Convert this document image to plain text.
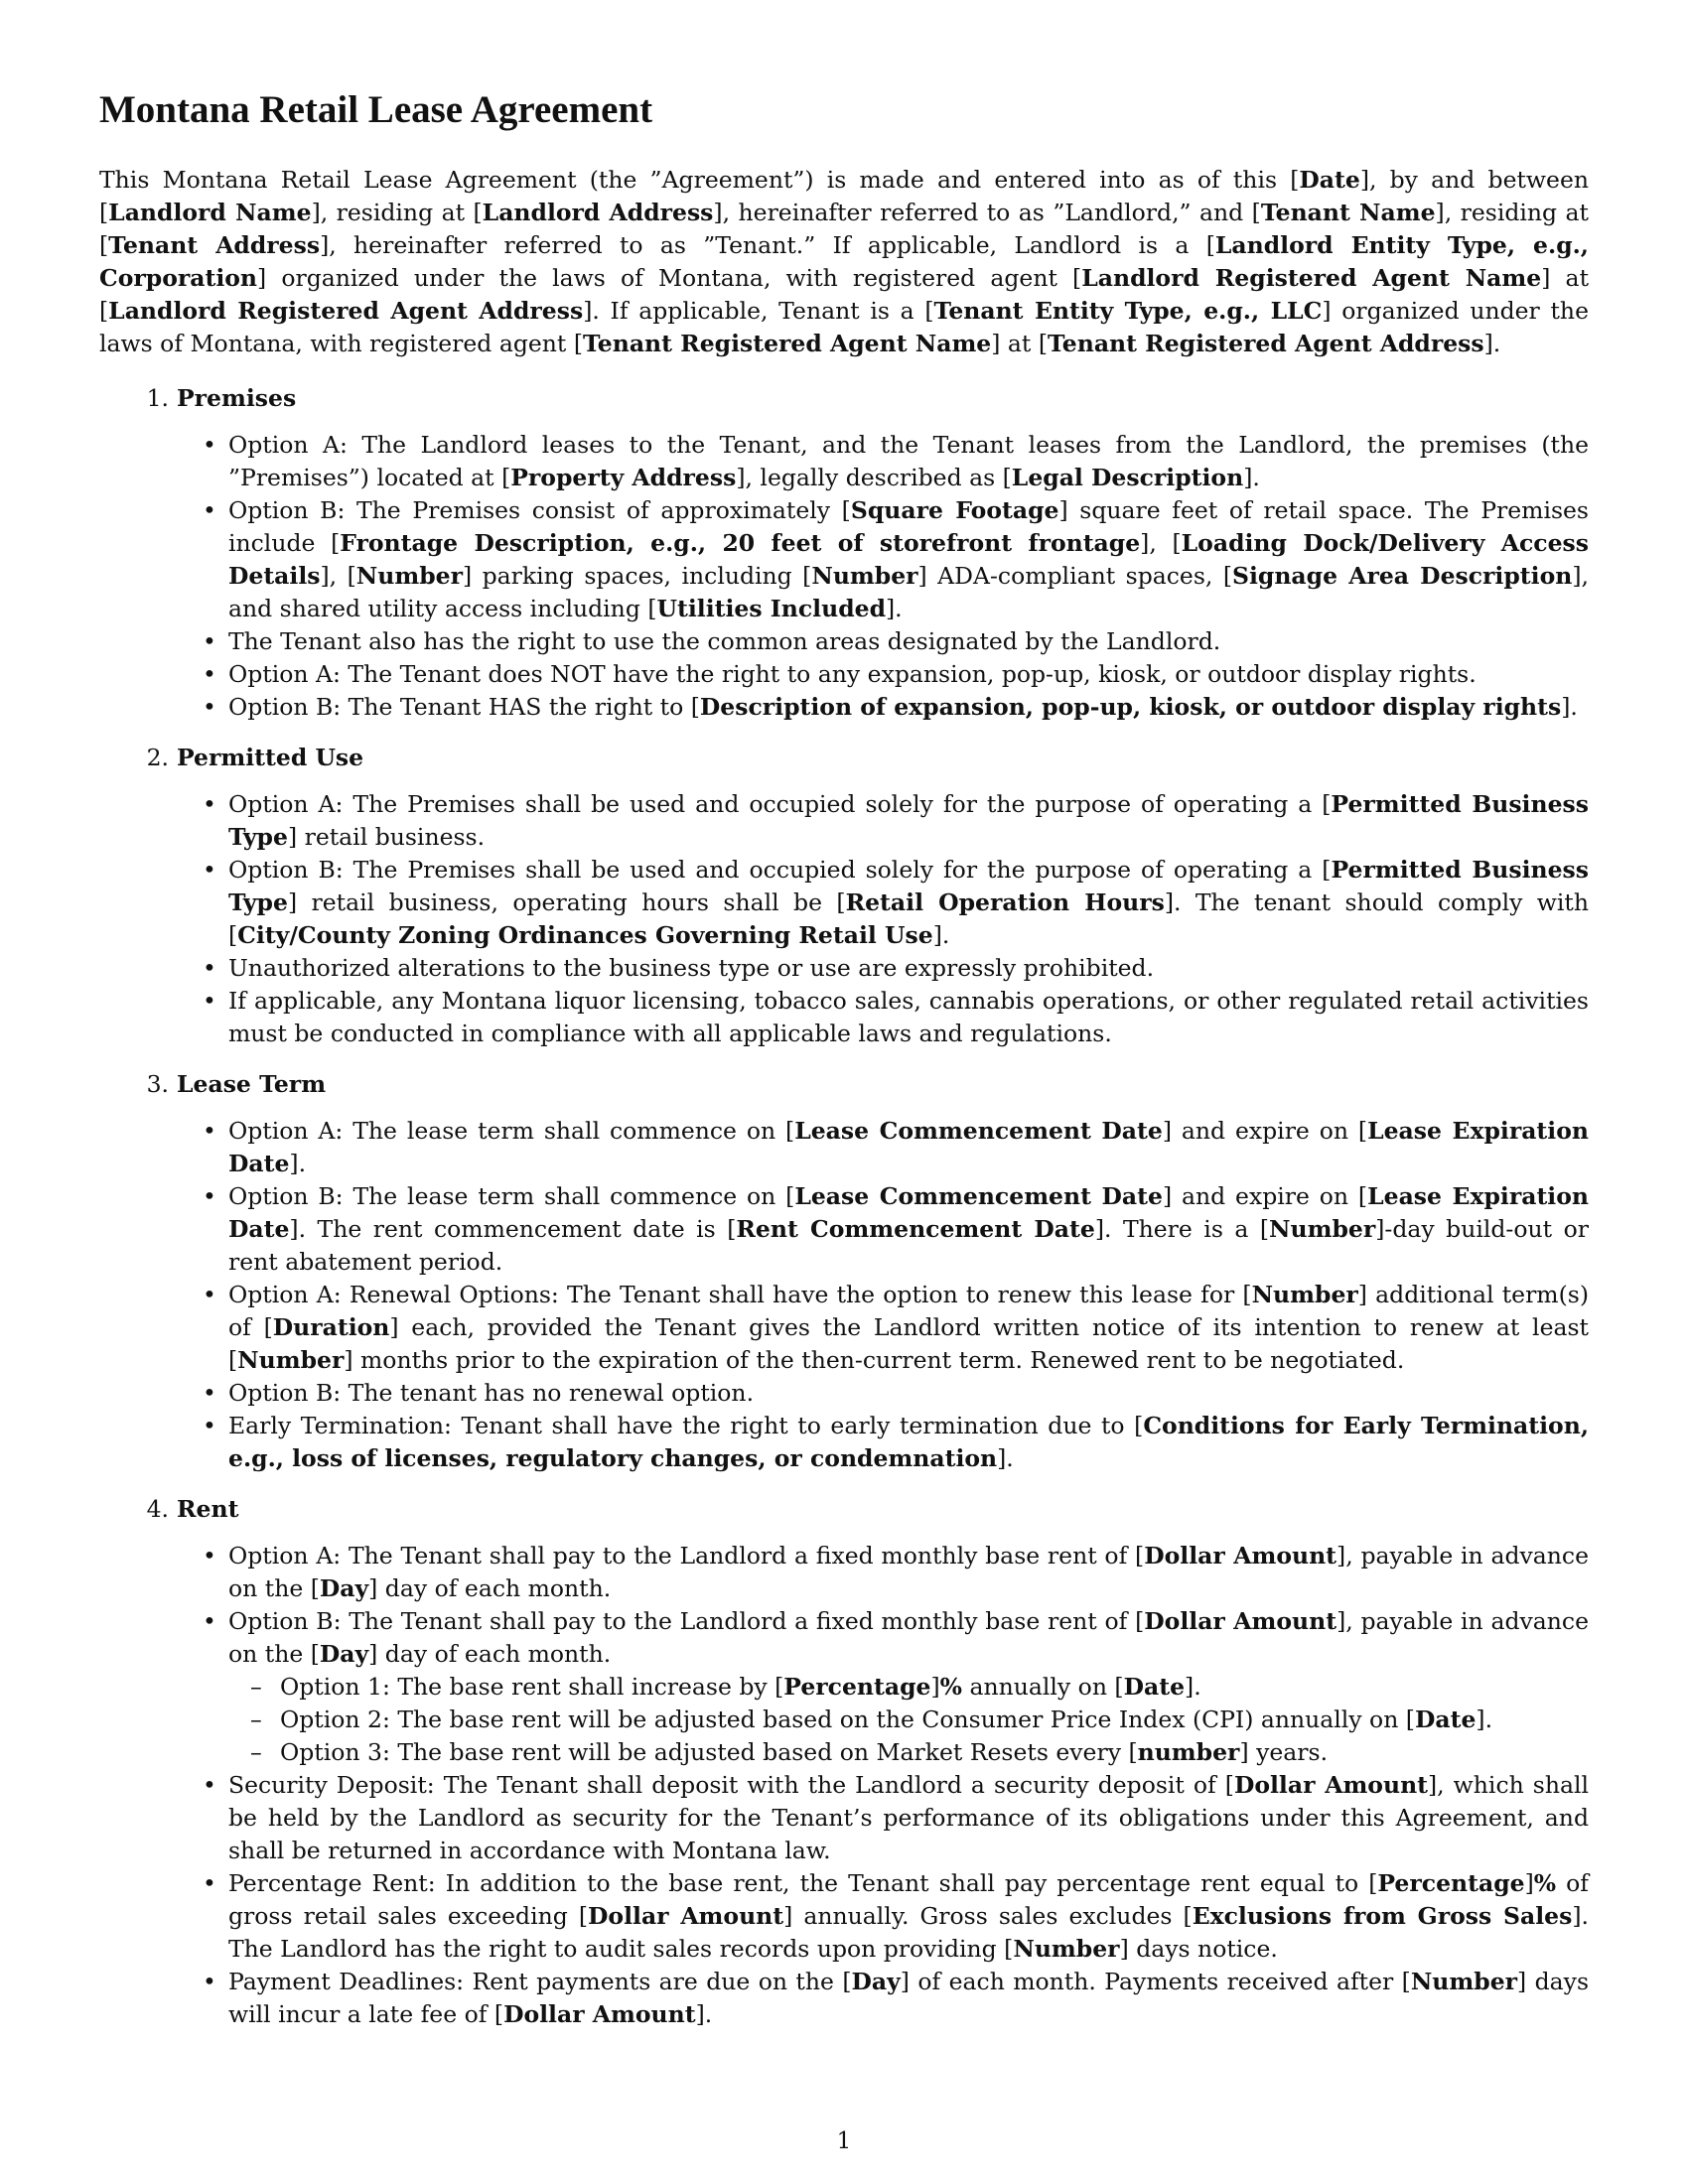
Montana Retail Lease Agreement

This Montana Retail Lease Agreement (the ”Agreement”) is made and entered into as of this [Date], by and between [Landlord Name], residing at [Landlord Address], hereinafter referred to as ”Landlord,” and [Tenant Name], residing at [Tenant Address], hereinafter referred to as ”Tenant.” If applicable, Landlord is a [Landlord Entity Type, e.g., Corporation] organized under the laws of Montana, with registered agent [Landlord Registered Agent Name] at [Landlord Registered Agent Address]. If applicable, Tenant is a [Tenant Entity Type, e.g., LLC] organized under the laws of Montana, with registered agent [Tenant Registered Agent Name] at [Tenant Registered Agent Address].

1. Premises
• Option A: The Landlord leases to the Tenant, and the Tenant leases from the Landlord, the premises (the ”Premises”) located at [Property Address], legally described as [Legal Description].
• Option B: The Premises consist of approximately [Square Footage] square feet of retail space. The Premises include [Frontage Description, e.g., 20 feet of storefront frontage], [Loading Dock/Delivery Access Details], [Number] parking spaces, including [Number] ADA-compliant spaces, [Signage Area Description], and shared utility access including [Utilities Included].
• The Tenant also has the right to use the common areas designated by the Landlord.
• Option A: The Tenant does NOT have the right to any expansion, pop-up, kiosk, or outdoor display rights.
• Option B: The Tenant HAS the right to [Description of expansion, pop-up, kiosk, or outdoor display rights].
2. Permitted Use
• Option A: The Premises shall be used and occupied solely for the purpose of operating a [Permitted Business Type] retail business.
• Option B: The Premises shall be used and occupied solely for the purpose of operating a [Permitted Business Type] retail business, operating hours shall be [Retail Operation Hours]. The tenant should comply with [City/County Zoning Ordinances Governing Retail Use].
• Unauthorized alterations to the business type or use are expressly prohibited.
• If applicable, any Montana liquor licensing, tobacco sales, cannabis operations, or other regulated retail activities must be conducted in compliance with all applicable laws and regulations.
3. Lease Term
• Option A: The lease term shall commence on [Lease Commencement Date] and expire on [Lease Expiration Date].
• Option B: The lease term shall commence on [Lease Commencement Date] and expire on [Lease Expiration Date]. The rent commencement date is [Rent Commencement Date]. There is a [Number]-day build-out or rent abatement period.
• Option A: Renewal Options: The Tenant shall have the option to renew this lease for [Number] additional term(s) of [Duration] each, provided the Tenant gives the Landlord written notice of its intention to renew at least [Number] months prior to the expiration of the then-current term. Renewed rent to be negotiated.
• Option B: The tenant has no renewal option.
• Early Termination: Tenant shall have the right to early termination due to [Conditions for Early Termination, e.g., loss of licenses, regulatory changes, or condemnation].
4. Rent
• Option A: The Tenant shall pay to the Landlord a fixed monthly base rent of [Dollar Amount], payable in advance on the [Day] day of each month.
• Option B: The Tenant shall pay to the Landlord a fixed monthly base rent of [Dollar Amount], payable in advance on the [Day] day of each month.
– Option 1: The base rent shall increase by [Percentage]% annually on [Date].
– Option 2: The base rent will be adjusted based on the Consumer Price Index (CPI) annually on [Date].
– Option 3: The base rent will be adjusted based on Market Resets every [number] years.
• Security Deposit: The Tenant shall deposit with the Landlord a security deposit of [Dollar Amount], which shall be held by the Landlord as security for the Tenant’s performance of its obligations under this Agreement, and shall be returned in accordance with Montana law.
• Percentage Rent: In addition to the base rent, the Tenant shall pay percentage rent equal to [Percentage]% of gross retail sales exceeding [Dollar Amount] annually. Gross sales excludes [Exclusions from Gross Sales]. The Landlord has the right to audit sales records upon providing [Number] days notice.
• Payment Deadlines: Rent payments are due on the [Day] of each month. Payments received after [Number] days will incur a late fee of [Dollar Amount].
1
